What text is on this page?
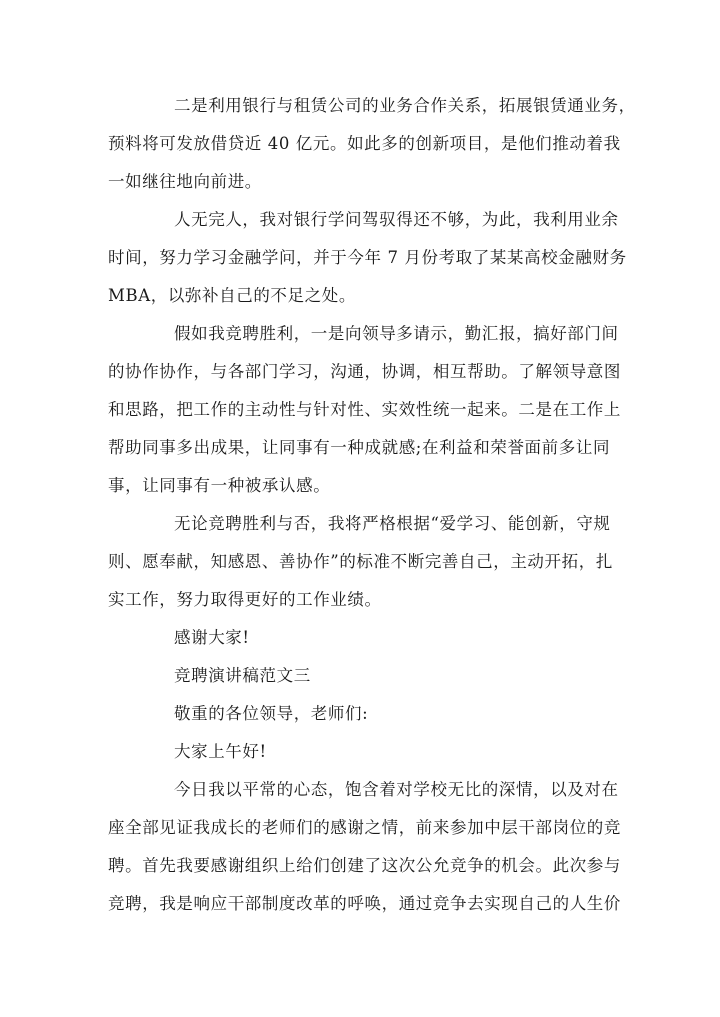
二是利用银行与租赁公司的业务合作关系，拓展银赁通业务，
预料将可发放借贷近 40 亿元。如此多的创新项目，是他们推动着我
一如继往地向前进。
人无完人，我对银行学问驾驭得还不够，为此，我利用业余
时间，努力学习金融学问，并于今年 7 月份考取了某某高校金融财务
MBA，以弥补自己的不足之处。
假如我竞聘胜利，一是向领导多请示，勤汇报，搞好部门间
的协作协作，与各部门学习，沟通，协调，相互帮助。了解领导意图
和思路，把工作的主动性与针对性、实效性统一起来。二是在工作上
帮助同事多出成果，让同事有一种成就感;在利益和荣誉面前多让同
事，让同事有一种被承认感。
无论竞聘胜利与否，我将严格根据“爱学习、能创新，守规
则、愿奉献，知感恩、善协作”的标准不断完善自己，主动开拓，扎
实工作，努力取得更好的工作业绩。
感谢大家!
竞聘演讲稿范文三
敬重的各位领导，老师们:
大家上午好!
今日我以平常的心态，饱含着对学校无比的深情，以及对在
座全部见证我成长的老师们的感谢之情，前来参加中层干部岗位的竞
聘。首先我要感谢组织上给们创建了这次公允竞争的机会。此次参与
竞聘，我是响应干部制度改革的呼唤，通过竞争去实现自己的人生价
